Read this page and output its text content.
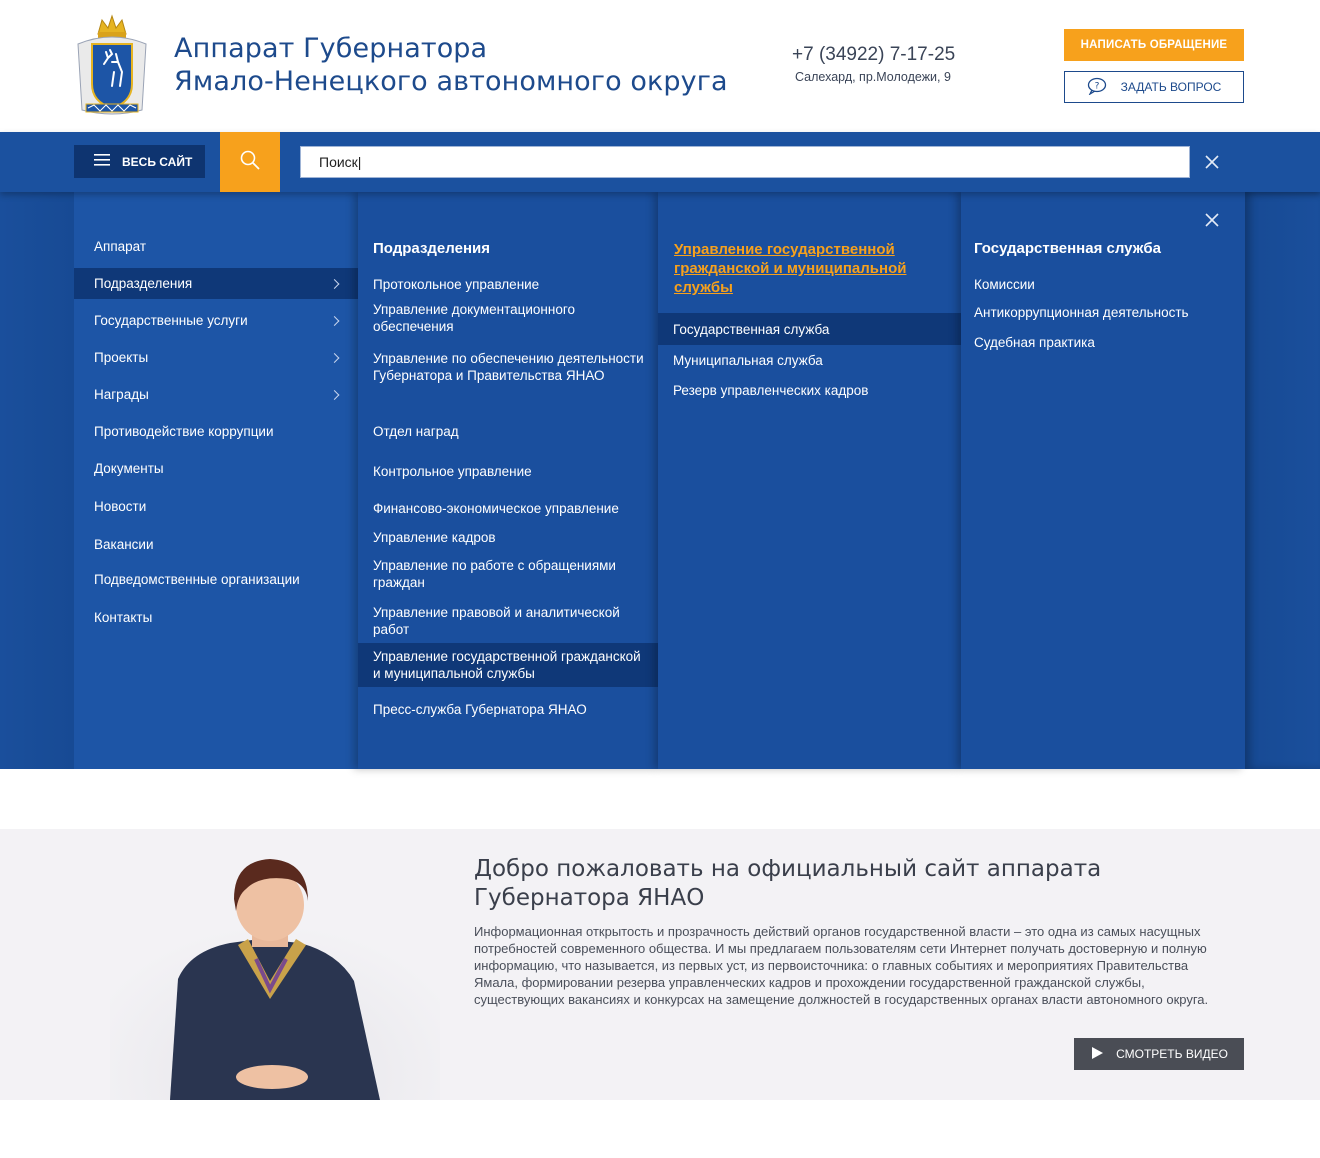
Аппарат Губернатора
Ямало-Ненецкого автономного округа
+7 (34922) 7-17-25
Салехард, пр.Молодежи, 9
НАПИСАТЬ ОБРАЩЕНИЕ
? ЗАДАТЬ ВОПРОС
ВЕСЬ САЙТ
Поиск|
Аппарат
Подразделения
Государственные услуги
Проекты
Награды
Противодействие коррупции
Документы
Новости
Вакансии
Подведомственные организации
Контакты
Подразделения
Протокольное управление
Управление документационного обеспечения
Управление по обеспечению деятельности Губернатора и Правительства ЯНАО
Отдел наград
Контрольное управление
Финансово-экономическое управление
Управление кадров
Управление по работе с обращениями граждан
Управление правовой и аналитической работ
Управление государственной гражданской и муниципальной службы
Пресс-служба Губернатора ЯНАО
Управление государственной гражданской и муниципальной службы
Государственная служба
Муниципальная служба
Резерв управленческих кадров
Государственная служба
Комиссии
Антикоррупционная деятельность
Судебная практика
Добро пожаловать на официальный сайт аппарата Губернатора ЯНАО
Информационная открытость и прозрачность действий органов государственной власти – это одна из самых насущных потребностей современного общества. И мы предлагаем пользователям сети Интернет получать достоверную и полную информацию, что называется, из первых уст, из первоисточника: о главных событиях и мероприятиях Правительства Ямала, формировании резерва управленческих кадров и прохождении государственной гражданской службы, существующих вакансиях и конкурсах на замещение должностей в государственных органах власти автономного округа.
СМОТРЕТЬ ВИДЕО
